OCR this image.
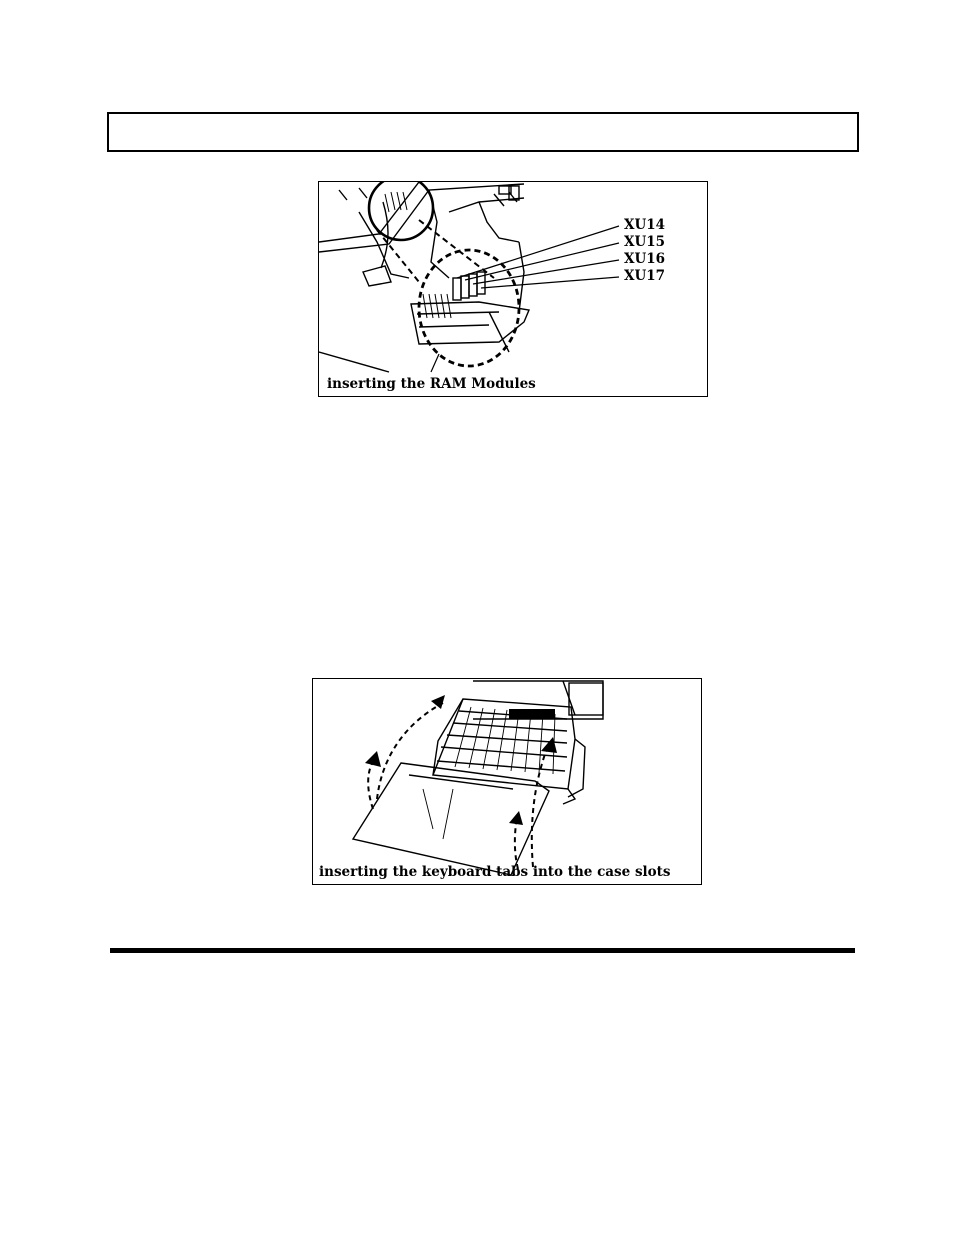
XU14
XU15
XU16
XU17
inserting the RAM Modules
inserting the keyboard tabs into the case slots
